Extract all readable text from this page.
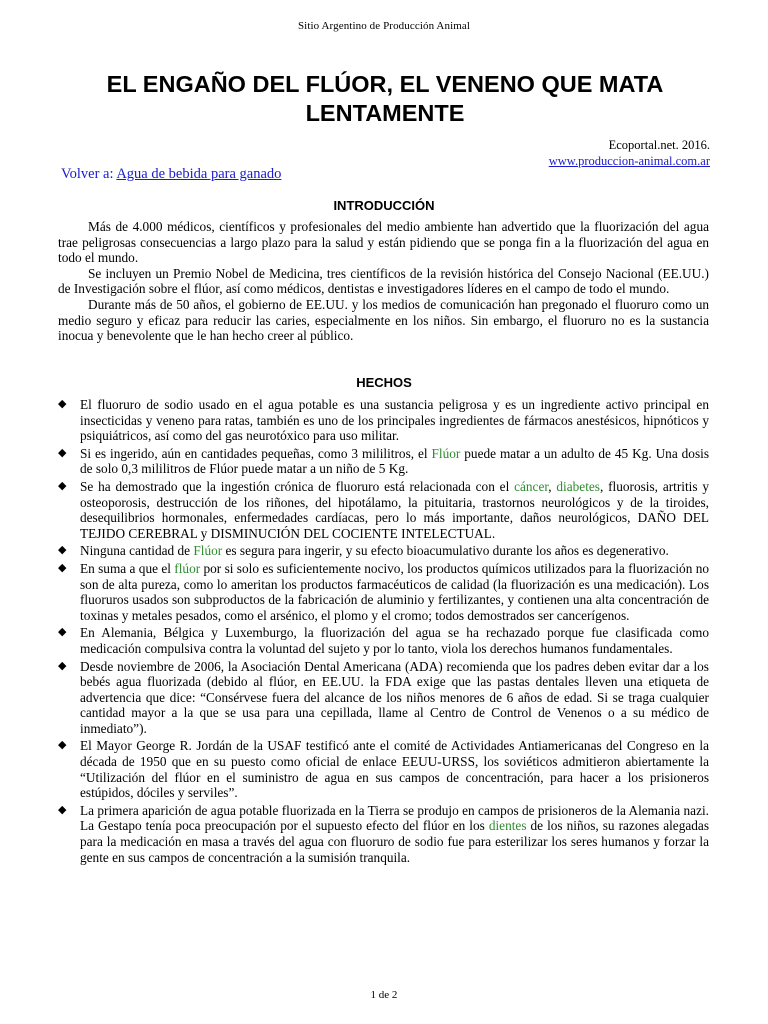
Sitio Argentino de Producción Animal
EL ENGAÑO DEL FLÚOR, EL VENENO QUE MATA LENTAMENTE
Ecoportal.net. 2016.
www.produccion-animal.com.ar
Volver a: Agua de bebida para ganado
INTRODUCCIÓN

Más de 4.000 médicos, científicos y profesionales del medio ambiente han advertido que la fluorización del agua trae peligrosas consecuencias a largo plazo para la salud y están pidiendo que se ponga fin a la fluorización del agua en todo el mundo.

Se incluyen un Premio Nobel de Medicina, tres científicos de la revisión histórica del Consejo Nacional (EE.UU.) de Investigación sobre el flúor, así como médicos, dentistas e investigadores líderes en el campo de todo el mundo.

Durante más de 50 años, el gobierno de EE.UU. y los medios de comunicación han pregonado el fluoruro como un medio seguro y eficaz para reducir las caries, especialmente en los niños. Sin embargo, el fluoruro no es la sustancia inocua y benevolente que le han hecho creer al público.

HECHOS
◆ El fluoruro de sodio usado en el agua potable es una sustancia peligrosa y es un ingrediente activo principal en insecticidas y veneno para ratas, también es uno de los principales ingredientes de fármacos anestésicos, hipnóticos y psiquiátricos, así como del gas neurotóxico para uso militar.
◆ Si es ingerido, aún en cantidades pequeñas, como 3 mililitros, el Flúor puede matar a un adulto de 45 Kg. Una dosis de solo 0,3 mililitros de Flúor puede matar a un niño de 5 Kg.
◆ Se ha demostrado que la ingestión crónica de fluoruro está relacionada con el cáncer, diabetes, fluorosis, artritis y osteoporosis, destrucción de los riñones, del hipotálamo, la pituitaria, trastornos neurológicos y de la tiroides, desequilibrios hormonales, enfermedades cardíacas, pero lo más importante, daños neurológicos, DAÑO DEL TEJIDO CEREBRAL y DISMINUCIÓN DEL COCIENTE INTELECTUAL.
◆ Ninguna cantidad de Flúor es segura para ingerir, y su efecto bioacumulativo durante los años es degenerativo.
◆ En suma a que el flúor por si solo es suficientemente nocivo, los productos químicos utilizados para la fluorización no son de alta pureza, como lo ameritan los productos farmacéuticos de calidad (la fluorización es una medicación). Los fluoruros usados son subproductos de la fabricación de aluminio y fertilizantes, y contienen una alta concentración de toxinas y metales pesados, como el arsénico, el plomo y el cromo; todos demostrados ser cancerígenos.
◆ En Alemania, Bélgica y Luxemburgo, la fluorización del agua se ha rechazado porque fue clasificada como medicación compulsiva contra la voluntad del sujeto y por lo tanto, viola los derechos humanos fundamentales.
◆ Desde noviembre de 2006, la Asociación Dental Americana (ADA) recomienda que los padres deben evitar dar a los bebés agua fluorizada (debido al flúor, en EE.UU. la FDA exige que las pastas dentales lleven una etiqueta de advertencia que dice: “Consérvese fuera del alcance de los niños menores de 6 años de edad. Si se traga cualquier cantidad mayor a la que se usa para una cepillada, llame al Centro de Control de Venenos o a su médico de inmediato”).
◆ El Mayor George R. Jordán de la USAF testificó ante el comité de Actividades Antiamericanas del Congreso en la década de 1950 que en su puesto como oficial de enlace EEUU-URSS, los soviéticos admitieron abiertamente la “Utilización del flúor en el suministro de agua en sus campos de concentración, para hacer a los prisioneros estúpidos, dóciles y serviles”.
◆ La primera aparición de agua potable fluorizada en la Tierra se produjo en campos de prisioneros de la Alemania nazi. La Gestapo tenía poca preocupación por el supuesto efecto del flúor en los dientes de los niños, su razones alegadas para la medicación en masa a través del agua con fluoruro de sodio fue para esterilizar los seres humanos y forzar la gente en sus campos de concentración a la sumisión tranquila.
1 de 2
